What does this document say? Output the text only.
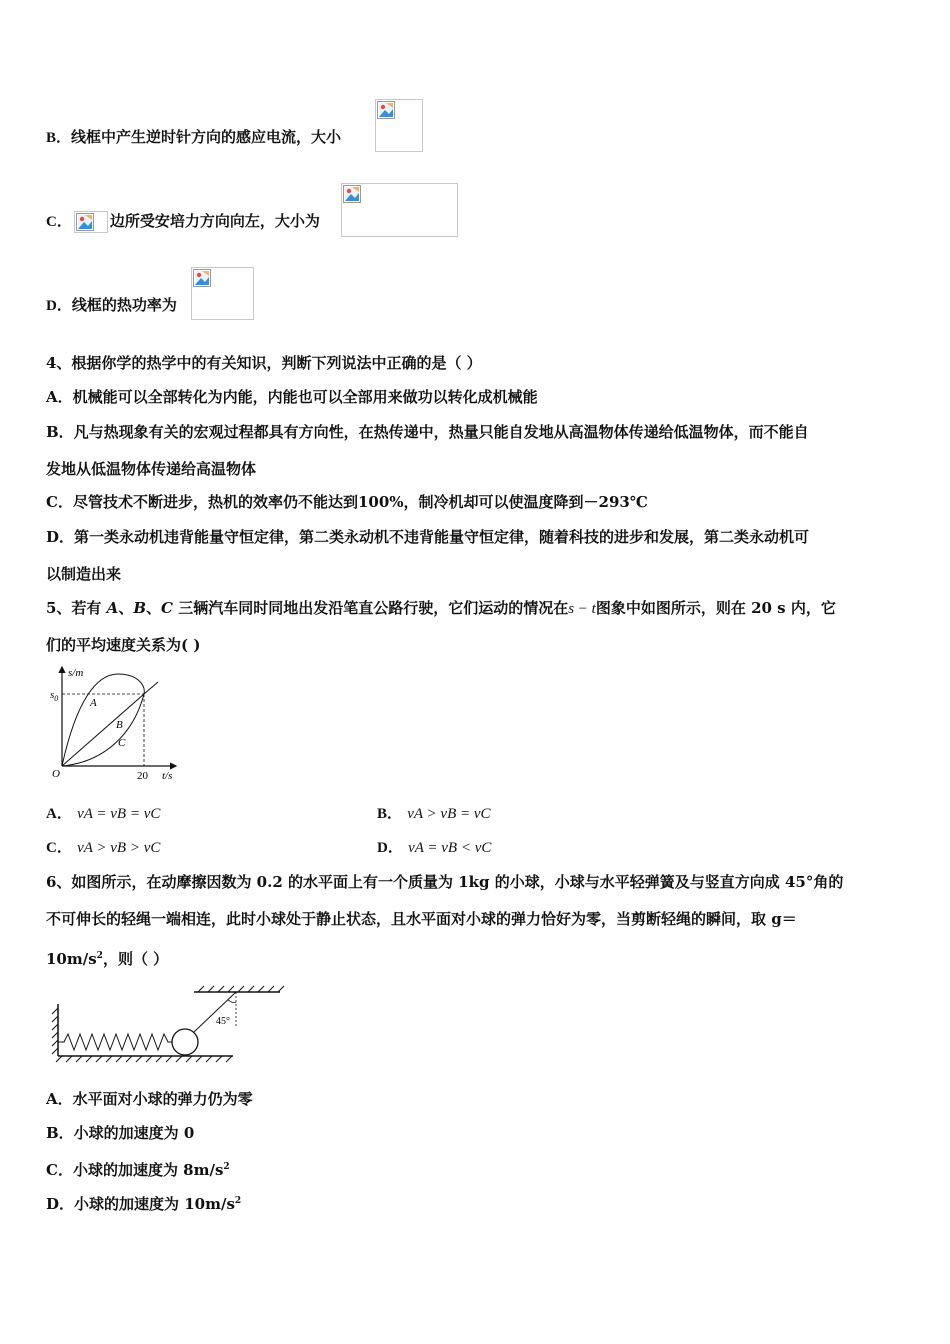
B．线框中产生逆时针方向的感应电流，大小
C．	边所受安培力方向向左，大小为
D．线框的热功率为
4、根据你学的热学中的有关知识，判断下列说法中正确的是（ ）
A．机械能可以全部转化为内能，内能也可以全部用来做功以转化成机械能
B．凡与热现象有关的宏观过程都具有方向性，在热传递中，热量只能自发地从高温物体传递给低温物体，而不能自
发地从低温物体传递给高温物体
C．尽管技术不断进步，热机的效率仍不能达到100%，制冷机却可以使温度降到－293℃
D．第一类永动机违背能量守恒定律，第二类永动机不违背能量守恒定律，随着科技的进步和发展，第二类永动机可
以制造出来
5、若有 A、B、C 三辆汽车同时同地出发沿笔直公路行驶，它们运动的情况在s − t图象中如图所示，则在 20 s 内，它
们的平均速度关系为( )
s/m
t/s
O
$s_0$
20
A
B
C
A． vA = vB = vC	B． vA > vB = vC
C． vA > vB > vC	D． vA = vB < vC
6、如图所示，在动摩擦因数为 0.2 的水平面上有一个质量为 1kg 的小球，小球与水平轻弹簧及与竖直方向成 45°角的
不可伸长的轻绳一端相连，此时小球处于静止状态，且水平面对小球的弹力恰好为零，当剪断轻绳的瞬间，取 g＝
$10m/s^2$，则（ ）
45°
A．水平面对小球的弹力仍为零
B．小球的加速度为 0
C．小球的加速度为 $8m/s^2$
D．小球的加速度为 $10m/s^2$
